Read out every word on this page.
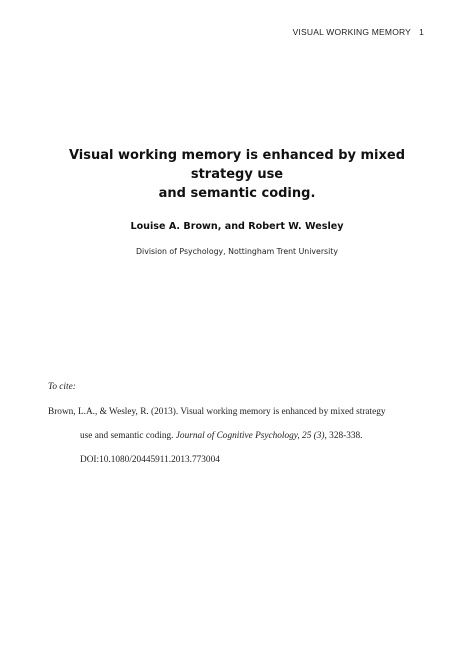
VISUAL WORKING MEMORY 1
Visual working memory is enhanced by mixed strategy use
and semantic coding.
Louise A. Brown, and Robert W. Wesley
Division of Psychology, Nottingham Trent University
To cite:
Brown, L.A., & Wesley, R. (2013). Visual working memory is enhanced by mixed strategy
use and semantic coding. Journal of Cognitive Psychology, 25 (3), 328-338.
DOI:10.1080/20445911.2013.773004
